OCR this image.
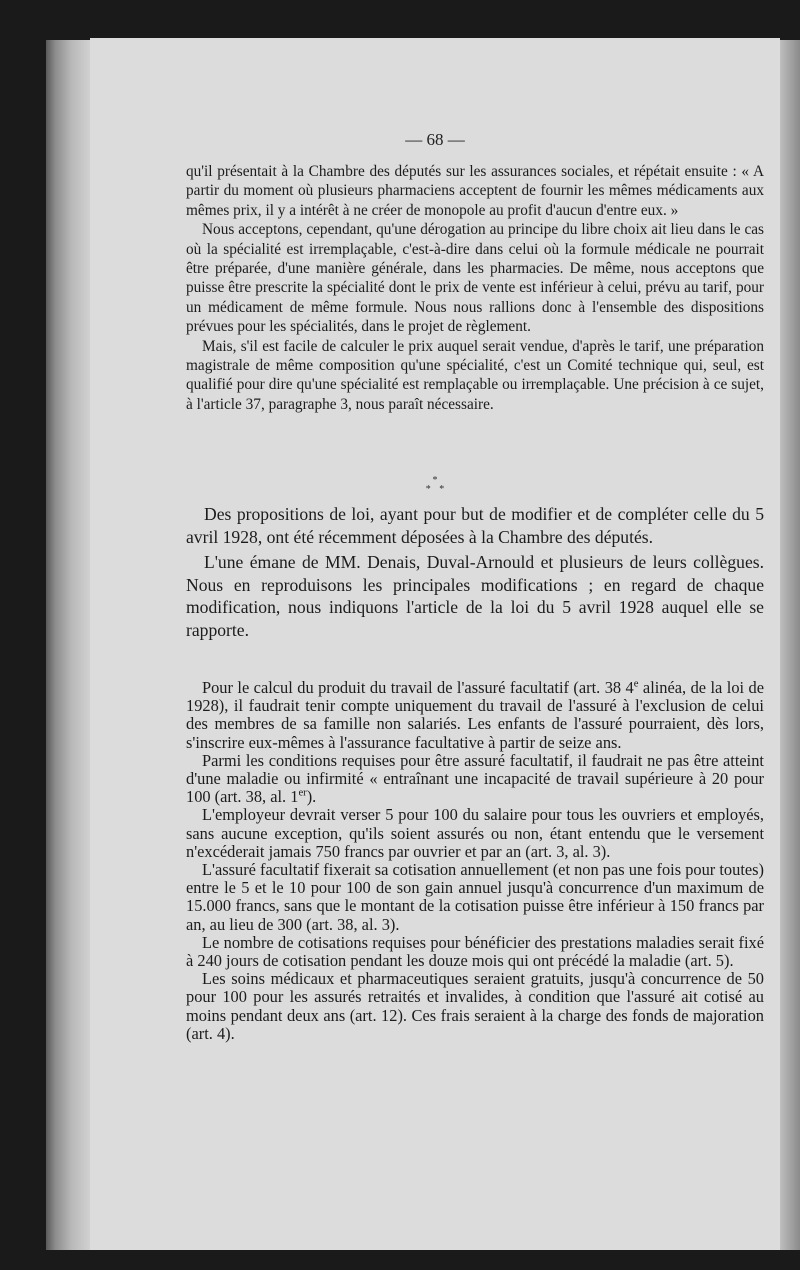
— 68 —

qu'il présentait à la Chambre des députés sur les assurances sociales, et répétait ensuite : « A partir du moment où plusieurs pharmaciens acceptent de fournir les mêmes médicaments aux mêmes prix, il y a intérêt à ne créer de monopole au profit d'aucun d'entre eux. »

Nous acceptons, cependant, qu'une dérogation au principe du libre choix ait lieu dans le cas où la spécialité est irremplaçable, c'est-à-dire dans celui où la formule médicale ne pourrait être préparée, d'une manière générale, dans les pharmacies. De même, nous acceptons que puisse être prescrite la spécialité dont le prix de vente est inférieur à celui, prévu au tarif, pour un médicament de même formule. Nous nous rallions donc à l'ensemble des dispositions prévues pour les spécialités, dans le projet de règlement.

Mais, s'il est facile de calculer le prix auquel serait vendue, d'après le tarif, une préparation magistrale de même composition qu'une spécialité, c'est un Comité technique qui, seul, est qualifié pour dire qu'une spécialité est remplaçable ou irremplaçable. Une précision à ce sujet, à l'article 37, paragraphe 3, nous paraît nécessaire.

*
* *

Des propositions de loi, ayant pour but de modifier et de compléter celle du 5 avril 1928, ont été récemment déposées à la Chambre des députés.

L'une émane de MM. Denais, Duval-Arnould et plusieurs de leurs collègues. Nous en reproduisons les principales modifications ; en regard de chaque modification, nous indiquons l'article de la loi du 5 avril 1928 auquel elle se rapporte.

Pour le calcul du produit du travail de l'assuré facultatif (art. 38 4e alinéa, de la loi de 1928), il faudrait tenir compte uniquement du travail de l'assuré à l'exclusion de celui des membres de sa famille non salariés. Les enfants de l'assuré pourraient, dès lors, s'inscrire eux-mêmes à l'assurance facultative à partir de seize ans.

Parmi les conditions requises pour être assuré facultatif, il faudrait ne pas être atteint d'une maladie ou infirmité « entraînant une incapacité de travail supérieure à 20 pour 100 (art. 38, al. 1er).

L'employeur devrait verser 5 pour 100 du salaire pour tous les ouvriers et employés, sans aucune exception, qu'ils soient assurés ou non, étant entendu que le versement n'excéderait jamais 750 francs par ouvrier et par an (art. 3, al. 3).

L'assuré facultatif fixerait sa cotisation annuellement (et non pas une fois pour toutes) entre le 5 et le 10 pour 100 de son gain annuel jusqu'à concurrence d'un maximum de 15.000 francs, sans que le montant de la cotisation puisse être inférieur à 150 francs par an, au lieu de 300 (art. 38, al. 3).

Le nombre de cotisations requises pour bénéficier des prestations maladies serait fixé à 240 jours de cotisation pendant les douze mois qui ont précédé la maladie (art. 5).

Les soins médicaux et pharmaceutiques seraient gratuits, jusqu'à concurrence de 50 pour 100 pour les assurés retraités et invalides, à condition que l'assuré ait cotisé au moins pendant deux ans (art. 12). Ces frais seraient à la charge des fonds de majoration (art. 4).
